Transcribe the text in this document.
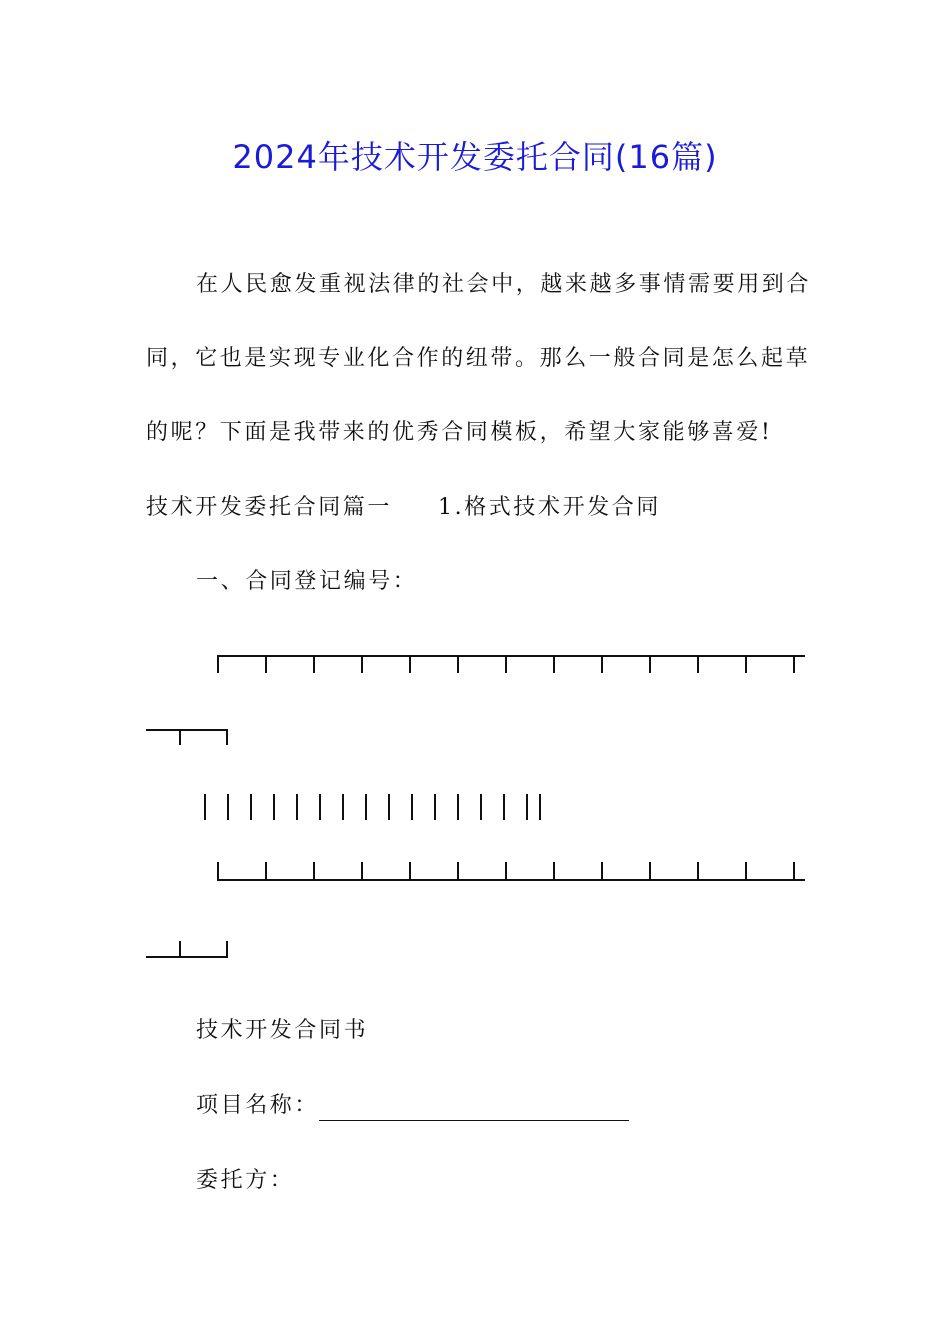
2024年技术开发委托合同(16篇)
在人民愈发重视法律的社会中，越来越多事情需要用到合
同，它也是实现专业化合作的纽带。那么一般合同是怎么起草
的呢？下面是我带来的优秀合同模板，希望大家能够喜爱!
技术开发委托合同篇一 1.格式技术开发合同
一、合同登记编号：
技术开发合同书
项目名称：
委托方：
